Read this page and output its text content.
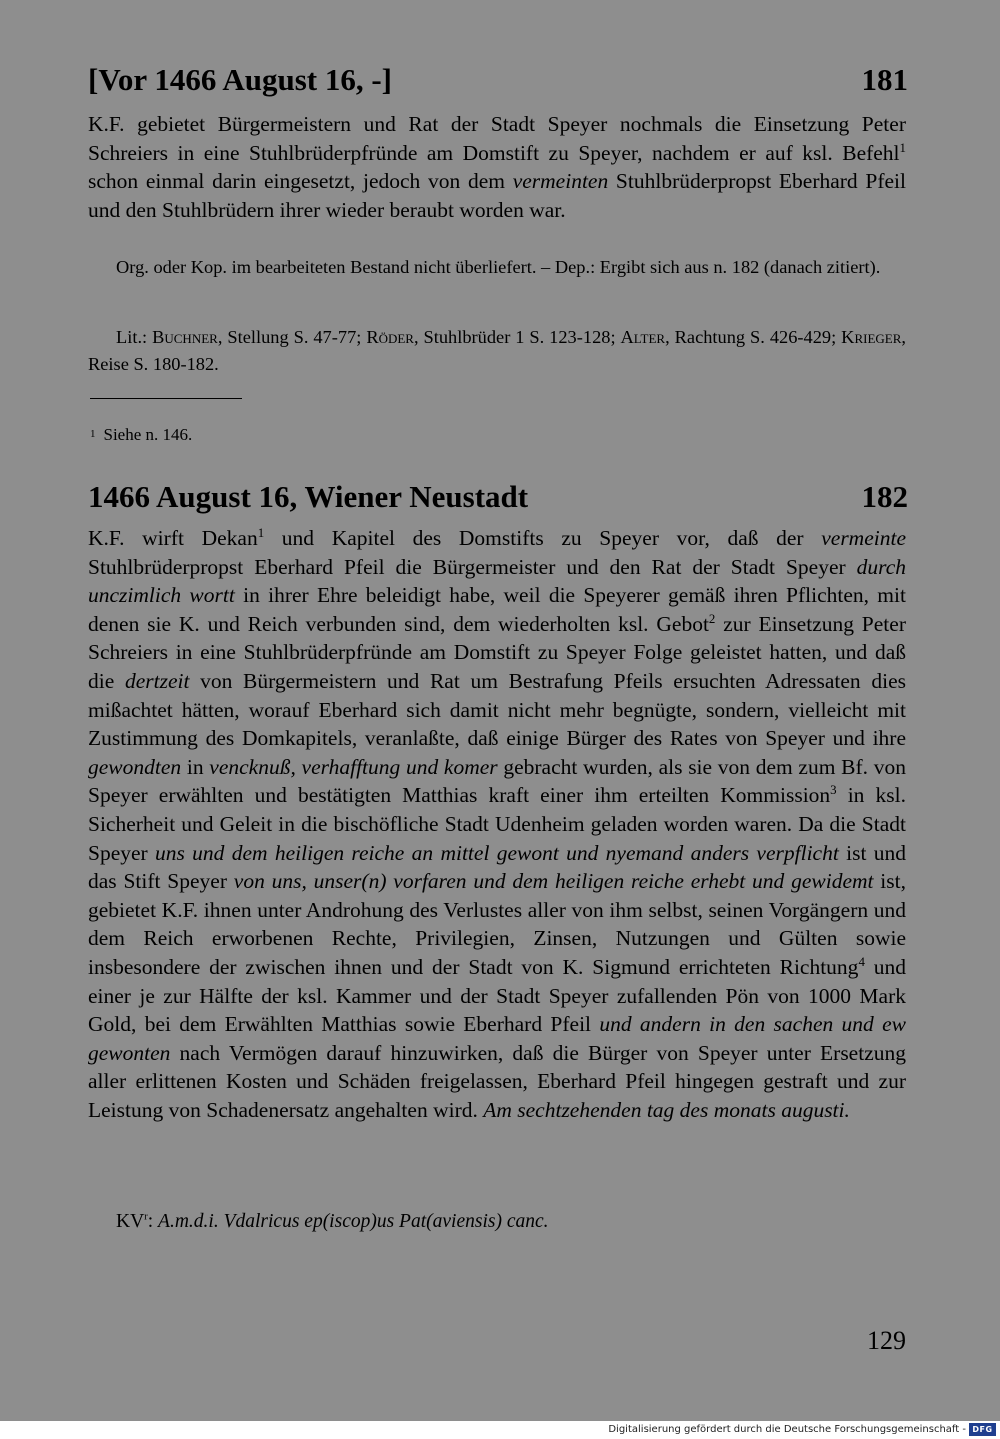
[Vor 1466 August 16, -]	181

K.F. gebietet Bürgermeistern und Rat der Stadt Speyer nochmals die Einsetzung Peter Schreiers in eine Stuhlbrüderpfründe am Domstift zu Speyer, nachdem er auf ksl. Befehl$^1$ schon einmal darin eingesetzt, jedoch von dem vermeinten Stuhlbrüderpropst Eberhard Pfeil und den Stuhlbrüdern ihrer wieder beraubt worden war.

Org. oder Kop. im bearbeiteten Bestand nicht überliefert. – Dep.: Ergibt sich aus n. 182 (danach zitiert).

Lit.: Buchner, Stellung S. 47-77; Röder, Stuhlbrüder 1 S. 123-128; Alter, Rachtung S. 426-429; Krieger, Reise S. 180-182.

$^1$ Siehe n. 146.
1466 August 16, Wiener Neustadt	182

K.F. wirft Dekan$^1$ und Kapitel des Domstifts zu Speyer vor, daß der vermeinte Stuhlbrüderpropst Eberhard Pfeil die Bürgermeister und den Rat der Stadt Speyer durch unczimlich wortt in ihrer Ehre beleidigt habe, weil die Speyerer gemäß ihren Pflichten, mit denen sie K. und Reich verbunden sind, dem wiederholten ksl. Gebot$^2$ zur Einsetzung Peter Schreiers in eine Stuhlbrüderpfründe am Domstift zu Speyer Folge geleistet hatten, und daß die dertzeit von Bürgermeistern und Rat um Bestrafung Pfeils ersuchten Adressaten dies mißachtet hätten, worauf Eberhard sich damit nicht mehr begnügte, sondern, vielleicht mit Zustimmung des Domkapitels, veranlaßte, daß einige Bürger des Rates von Speyer und ihre gewondten in vencknuß, verhafftung und komer gebracht wurden, als sie von dem zum Bf. von Speyer erwählten und bestätigten Matthias kraft einer ihm erteilten Kommission$^3$ in ksl. Sicherheit und Geleit in die bischöfliche Stadt Udenheim geladen worden waren. Da die Stadt Speyer uns und dem heiligen reiche an mittel gewont und nyemand anders verpflicht ist und das Stift Speyer von uns, unser(n) vorfaren und dem heiligen reiche erhebt und gewidemt ist, gebietet K.F. ihnen unter Androhung des Verlustes aller von ihm selbst, seinen Vorgängern und dem Reich erworbenen Rechte, Privilegien, Zinsen, Nutzungen und Gülten sowie insbesondere der zwischen ihnen und der Stadt von K. Sigmund errichteten Richtung$^4$ und einer je zur Hälfte der ksl. Kammer und der Stadt Speyer zufallenden Pön von 1000 Mark Gold, bei dem Erwählten Matthias sowie Eberhard Pfeil und andern in den sachen und ew gewonten nach Vermögen darauf hinzuwirken, daß die Bürger von Speyer unter Ersetzung aller erlittenen Kosten und Schäden freigelassen, Eberhard Pfeil hingegen gestraft und zur Leistung von Schadenersatz angehalten wird. Am sechtzehenden tag des monats augusti.

$KV^r$: A.m.d.i. Vdalricus ep(iscop)us Pat(aviensis) canc.
129
Digitalisierung gefördert durch die Deutsche Forschungsgemeinschaft - DFG
